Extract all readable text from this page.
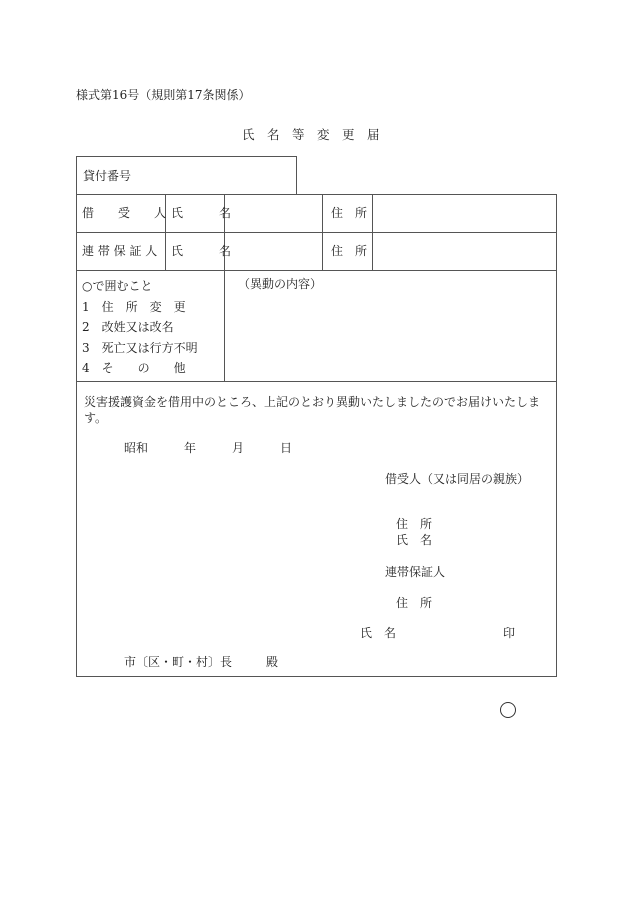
様式第16号（規則第17条関係）
氏　名　等　変　更　届
貸付番号
借　　受　　人 氏　　　名	住　所
連 帯 保 証 人 氏　　　名	住　所
○で囲むこと
1　住　所　変　更
2　改姓又は改名
3　死亡又は行方不明
4　そ　　の　　他
（異動の内容）
災害援護資金を借用中のところ、上記のとおり異動いたしましたのでお届けいたしま
す。
昭和　　　年　　　月　　　日
借受人（又は同居の親族）
住　所
氏　名
連帯保証人
住　所
氏　名	印
市〔区・町・村〕長	殿
